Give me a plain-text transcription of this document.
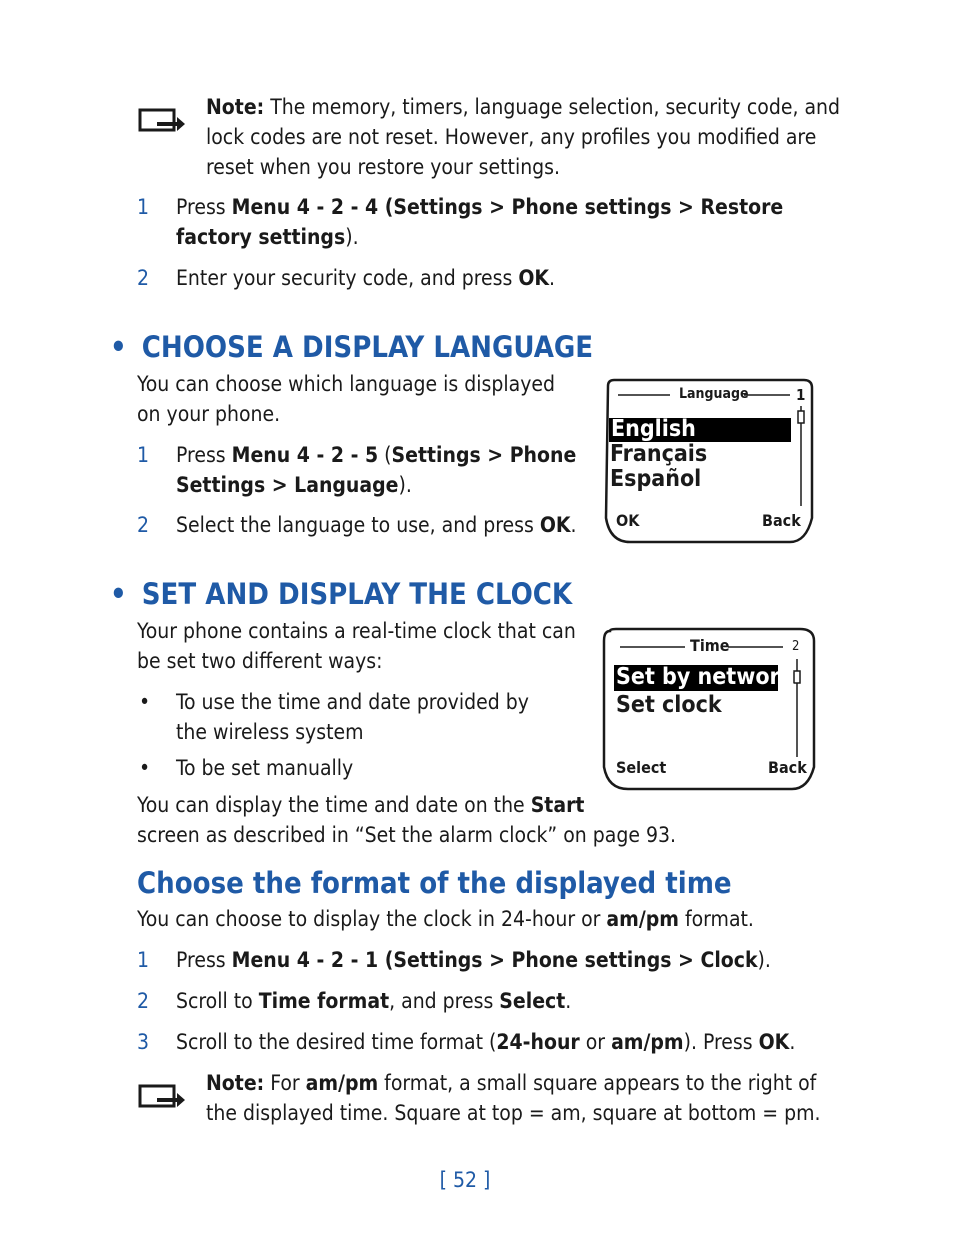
Note: The memory, timers, language selection, security code, and
lock codes are not reset. However, any profiles you modified are
reset when you restore your settings.
1 Press Menu 4 - 2 - 4 (Settings > Phone settings > Restore
factory settings).
2 Enter your security code, and press OK.
• CHOOSE A DISPLAY LANGUAGE
You can choose which language is displayed
on your phone.
1 Press Menu 4 - 2 - 5 (Settings > Phone
Settings > Language).
2 Select the language to use, and press OK.
Language	1
English
Français
Español
OK	Back
• SET AND DISPLAY THE CLOCK
Your phone contains a real-time clock that can
be set two different ways:
• To use the time and date provided by
the wireless system
• To be set manually
You can display the time and date on the Start
screen as described in “Set the alarm clock” on page 93.
Time	2
Set by network
Set clock
Select	Back
Choose the format of the displayed time
You can choose to display the clock in 24-hour or am/pm format.
1 Press Menu 4 - 2 - 1 (Settings > Phone settings > Clock).
2 Scroll to Time format, and press Select.
3 Scroll to the desired time format (24-hour or am/pm). Press OK.
Note: For am/pm format, a small square appears to the right of
the displayed time. Square at top = am, square at bottom = pm.
[ 52 ]
